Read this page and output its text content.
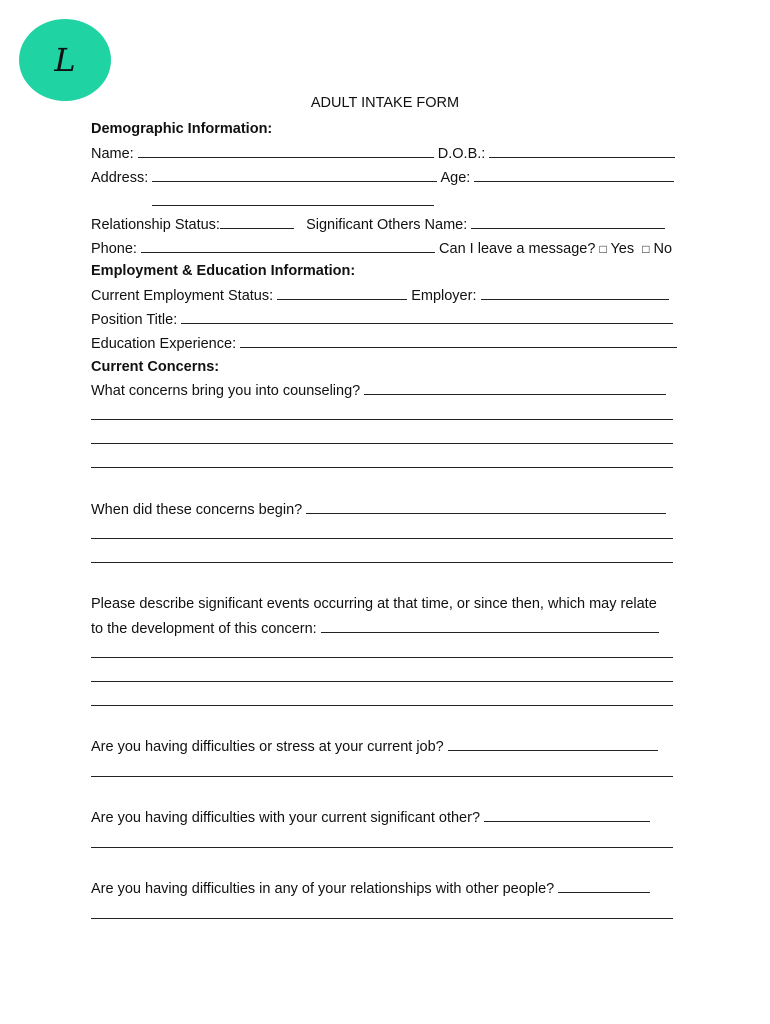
L
ADULT INTAKE FORM
Demographic Information:
Name:	D.O.B.:
Address:	Age:
Relationship Status:	Significant Others Name:
Phone:	Can I leave a message? □ Yes □ No
Employment & Education Information:
Current Employment Status:	Employer:
Position Title:
Education Experience:
Current Concerns:
What concerns bring you into counseling?
When did these concerns begin?
Please describe significant events occurring at that time, or since then, which may relate
to the development of this concern:
Are you having difficulties or stress at your current job?
Are you having difficulties with your current significant other?
Are you having difficulties in any of your relationships with other people?
